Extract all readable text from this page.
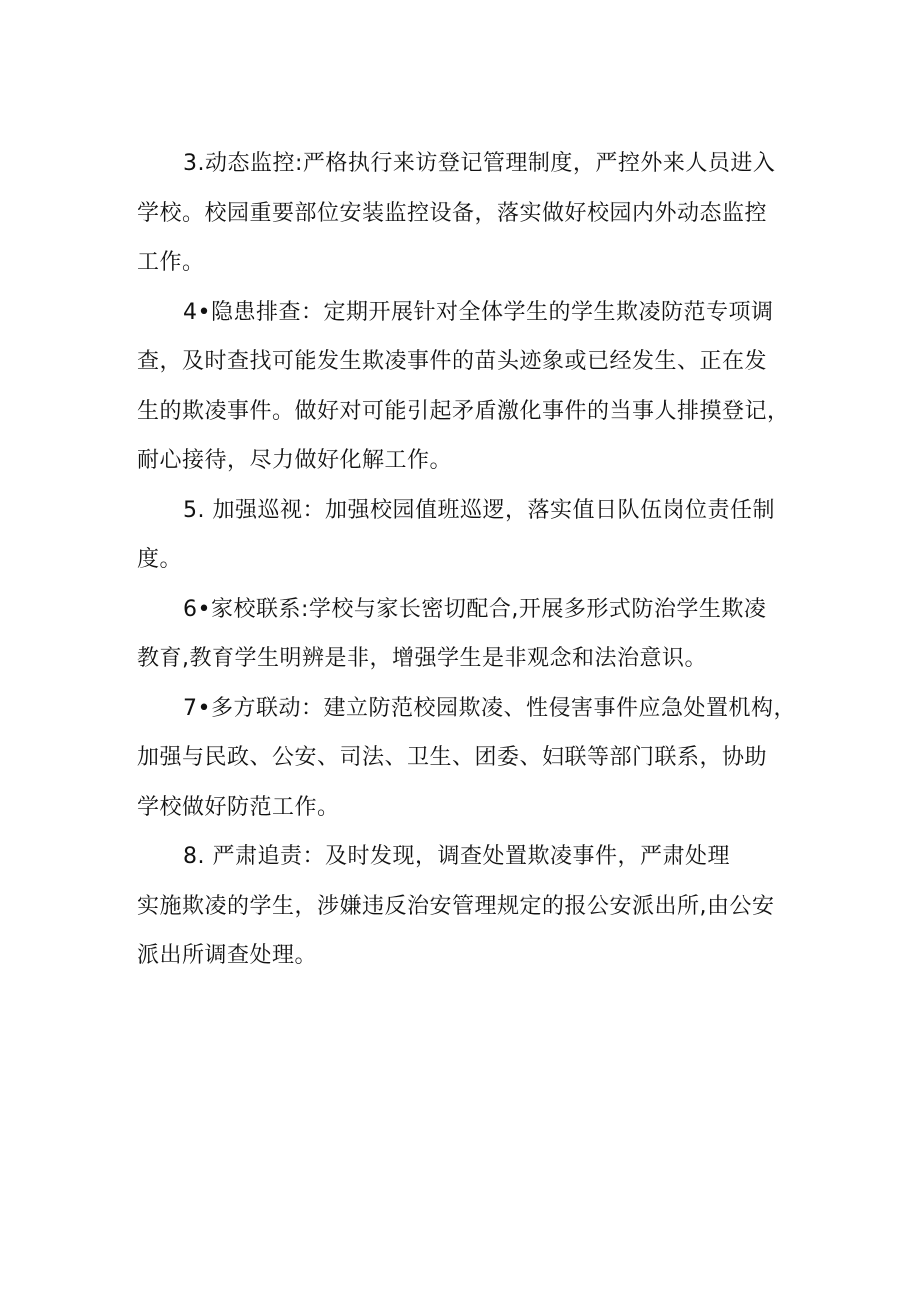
3.动态监控:严格执行来访登记管理制度，严控外来人员进入
学校。校园重要部位安装监控设备，落实做好校园内外动态监控
工作。
4•隐患排查：定期开展针对全体学生的学生欺凌防范专项调
查，及时查找可能发生欺凌事件的苗头迹象或已经发生、正在发
生的欺凌事件。做好对可能引起矛盾激化事件的当事人排摸登记，
耐心接待，尽力做好化解工作。
5. 加强巡视：加强校园值班巡逻，落实值日队伍岗位责任制
度。
6•家校联系:学校与家长密切配合,开展多形式防治学生欺凌
教育,教育学生明辨是非，增强学生是非观念和法治意识。
7•多方联动：建立防范校园欺凌、性侵害事件应急处置机构，
加强与民政、公安、司法、卫生、团委、妇联等部门联系，协助
学校做好防范工作。
8. 严肃追责：及时发现，调查处置欺凌事件，严肃处理
实施欺凌的学生，涉嫌违反治安管理规定的报公安派出所,由公安
派出所调查处理。
